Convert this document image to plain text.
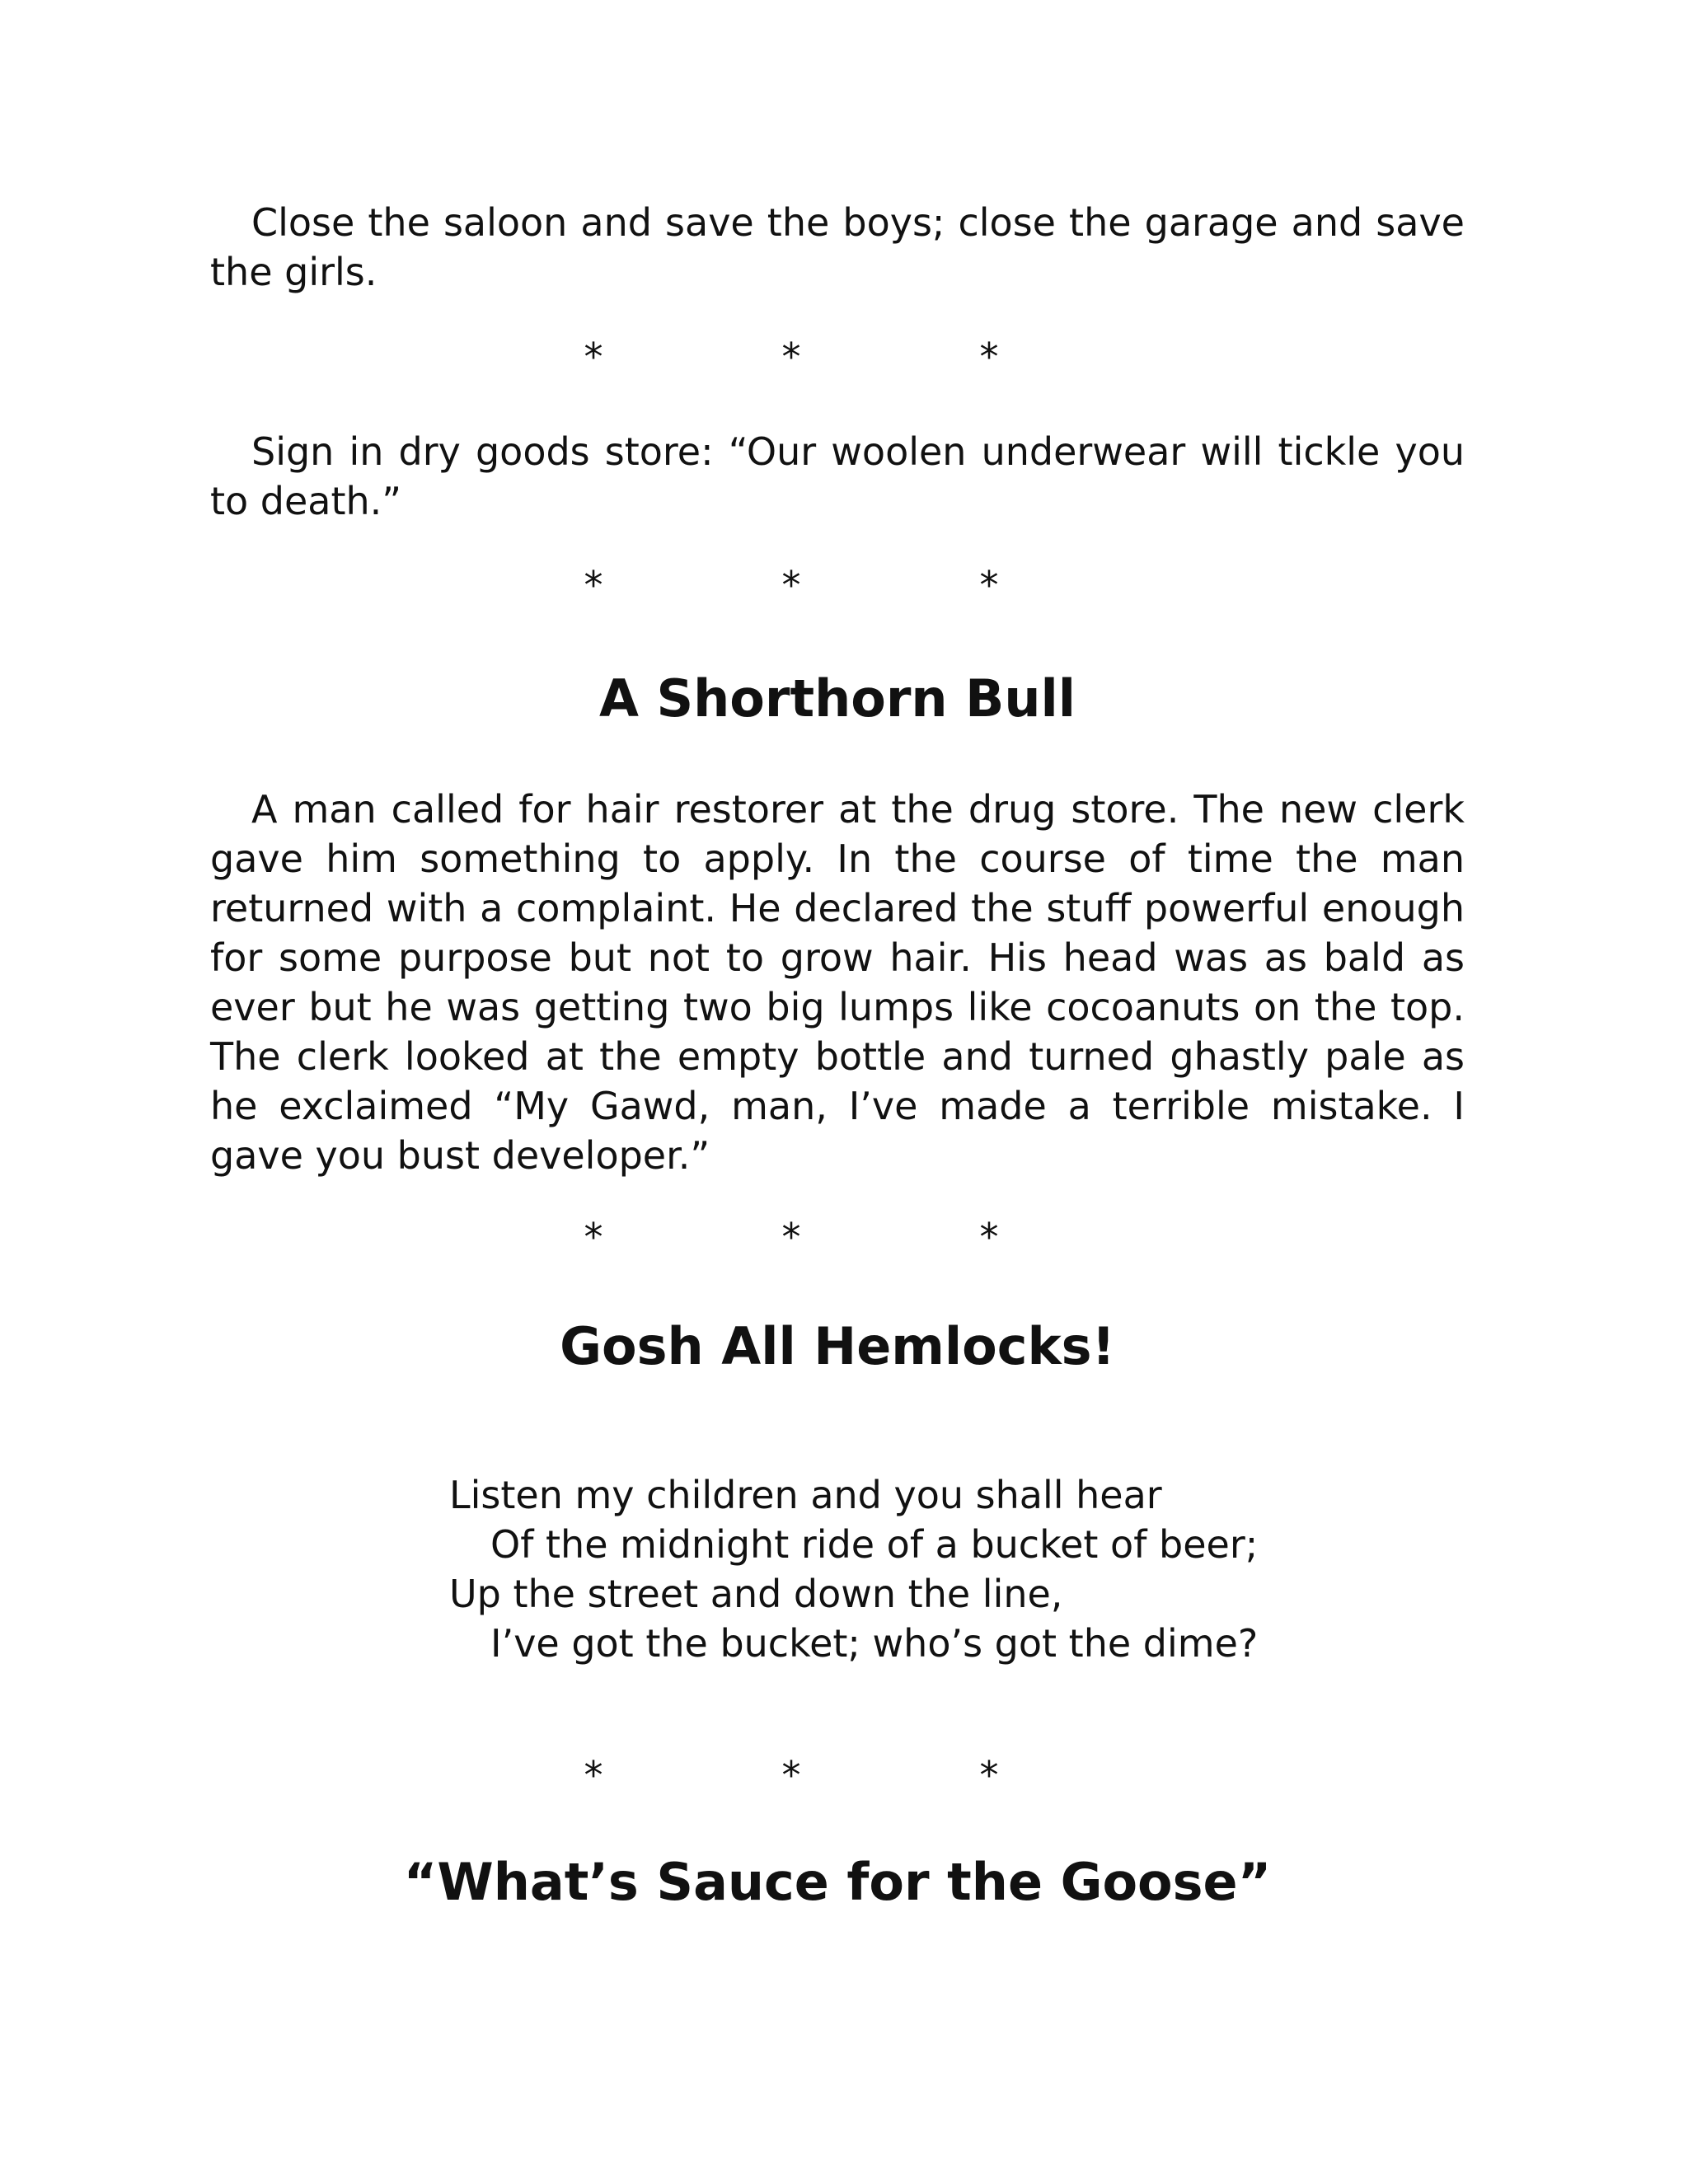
Close the saloon and save the boys; close the garage and save the girls.

*	*	*

Sign in dry goods store: “Our woolen underwear will tickle you to death.”

*	*	*
A Shorthorn Bull

A man called for hair restorer at the drug store. The new clerk gave him something to apply. In the course of time the man returned with a complaint. He declared the stuff powerful enough for some purpose but not to grow hair. His head was as bald as ever but he was getting two big lumps like cocoanuts on the top. The clerk looked at the empty bottle and turned ghastly pale as he exclaimed “My Gawd, man, I’ve made a terrible mistake. I gave you bust developer.”

*	*	*
Gosh All Hemlocks!
Listen my children and you shall hear
Of the midnight ride of a bucket of beer;
Up the street and down the line,
I’ve got the bucket; who’s got the dime?
*	*	*
“What’s Sauce for the Goose”
